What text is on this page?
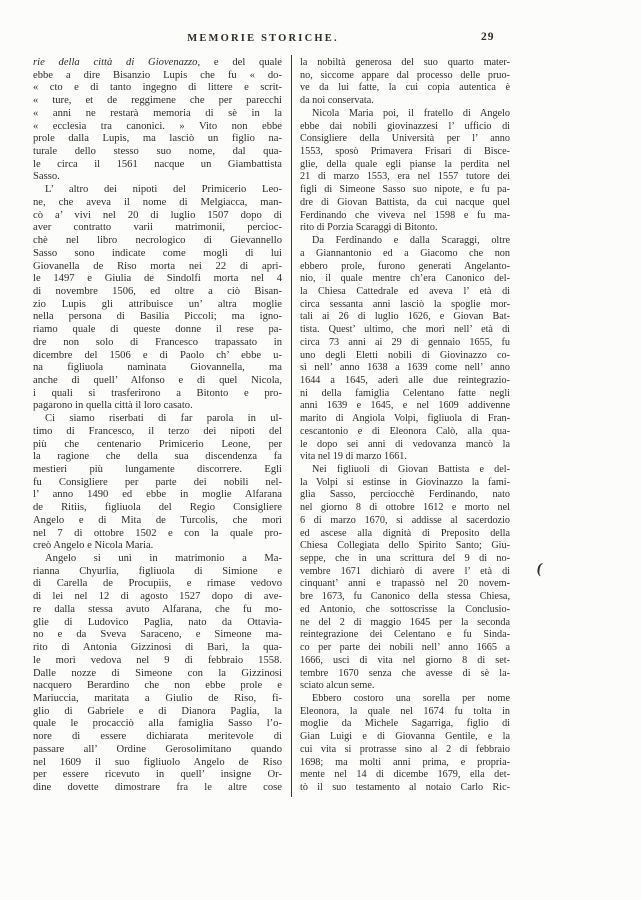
MEMORIE STORICHE.	29
rie della città di Giovenazzo, e del quale
ebbe a dire Bisanzio Lupis che fu « do-
« cto e di tanto ingegno di littere e scrit-
« ture, et de reggimene che per parecchi
« anni ne restarà memoria di sè in la
« ecclesia tra canonici. » Vito non ebbe
prole dalla Lupis, ma lasciò un figlio na-
turale dello stesso suo nome, dal qua-
le circa il 1561 nacque un Giambattista
Sasso.
L’ altro dei nipoti del Primicerio Leo-
ne, che aveva il nome di Melgiacca, man-
cò a’ vivi nel 20 di luglio 1507 dopo di
aver contratto varii matrimonii, percioc-
chè nel libro necrologico di Gievannello
Sasso sono indicate come mogli di lui
Giovanella de Riso morta nei 22 di apri-
le 1497 e Giulia de Sindolfi morta nel 4
di novembre 1506, ed oltre a ciò Bisan-
zio Lupis gli attribuisce un’ altra moglie
nella persona di Basilia Piccoli; ma igno-
riamo quale di queste donne il rese pa-
dre non solo di Francesco trapassato in
dicembre del 1506 e di Paolo ch’ ebbe u-
na figliuola naminata Giovannella, ma
anche di quell’ Alfonso e di quel Nicola,
i quali si trasferirono a Bitonto e pro-
pagarono in quella città il loro casato.
Ci siamo riserbati di far parola in ul-
timo di Francesco, il terzo dei nipoti del
più che centenario Primicerio Leone, per
la ragione che della sua discendenza fa
mestieri più lungamente discorrere. Egli
fu Consigliere per parte dei nobili nel-
l’ anno 1490 ed ebbe in moglie Alfarana
de Ritiis, figliuola del Regio Consigliere
Angelo e di Mita de Turcolis, che morì
nel 7 di ottobre 1502 e con la quale pro-
creò Angelo e Nicola Maria.
Angelo si unì in matrimonio a Ma-
rianna Chyurlia, figliuola di Simione e
di Carella de Procupiis, e rimase vedovo
di lei nel 12 di agosto 1527 dopo di ave-
re dalla stessa avuto Alfarana, che fu mo-
glie di Ludovico Paglia, nato da Ottavia-
no e da Sveva Saraceno, e Simeone ma-
rito di Antonia Gizzinosi di Bari, la qua-
le morì vedova nel 9 di febbraio 1558.
Dalle nozze di Simeone con la Gizzinosi
nacquero Berardino che non ebbe prole e
Mariuccia, maritata a Giulio de Riso, fi-
glio di Gabriele e di Dianora Paglia, la
quale le procacciò alla famiglia Sasso l’o-
nore di essere dichiarata meritevole di
passare all’ Ordine Gerosolimitano quando
nel 1609 il suo figliuolo Angelo de Riso
per essere ricevuto in quell’ insigne Or-
dine dovette dimostrare fra le altre cose
la nobiltà generosa del suo quarto mater-
no, siccome appare dal processo delle pruo-
ve da lui fatte, la cui copia autentica è
da noi conservata.
Nicola Maria poi, il fratello di Angelo
ebbe dai nobili giovinazzesi l’ ufficio di
Consigliere della Università per l’ anno
1553, sposò Primavera Frisari di Bisce-
glie, della quale egli pianse la perdita nel
21 di marzo 1553, era nel 1557 tutore dei
figli di Simeone Sasso suo nipote, e fu pa-
dre di Giovan Battista, da cui nacque quel
Ferdinando che viveva nel 1598 e fu ma-
rito di Porzia Scaraggi di Bitonto.
Da Ferdinando e dalla Scaraggi, oltre
a Giannantonio ed a Giacomo che non
ebbero prole, furono generati Angelanto-
nio, il quale mentre ch’era Canonico del-
la Chiesa Cattedrale ed aveva l’ età di
circa sessanta anni lasciò la spoglie mor-
tali ai 26 di luglio 1626, e Giovan Bat-
tista. Quest’ ultimo, che morì nell’ età di
circa 73 anni ai 29 di gennaio 1655, fu
uno degli Eletti nobili di Giovinazzo co-
sì nell’ anno 1638 a 1639 come nell’ anno
1644 a 1645, aderì alle due reintegrazio-
ni della famiglia Celentano fatte negli
anni 1639 e 1645, e nel 1609 addivenne
marito di Angiola Volpi, figliuola di Fran-
cescantonio e di Eleonora Calò, alla qua-
le dopo sei anni di vedovanza mancò la
vita nel 19 di marzo 1661.
Nei figliuoli di Giovan Battista e del-
la Volpi si estinse in Giovinazzo la fami-
glia Sasso, perciocchè Ferdinando, nato
nel giorno 8 di ottobre 1612 e morto nel
6 di marzo 1670, si addisse al sacerdozio
ed ascese alla dignità di Preposito della
Chiesa Collegiata dello Spirito Santo; Giu-
seppe, che in una scrittura del 9 di no-
vembre 1671 dichiarò di avere l’ età di
cinquant’ anni e trapassò nel 20 novem-
bre 1673, fu Canonico della stessa Chiesa,
ed Antonio, che sottoscrisse la Conclusio-
ne del 2 di maggio 1645 per la seconda
reintegrazione dei Celentano e fu Sinda-
co per parte dei nobili nell’ anno 1665 a
1666, usci di vita nel giorno 8 di set-
tembre 1670 senza che avesse di sè la-
sciato alcun seme.
Ebbero costoro una sorella per nome
Eleonora, la quale nel 1674 fu tolta in
moglie da Michele Sagarriga, figlio di
Gian Luigi e di Giovanna Gentile, e la
cui vita si protrasse sino al 2 di febbraio
1698; ma molti anni prima, e propria-
mente nel 14 di dicembe 1679, ella det-
tò il suo testamento al notaio Carlo Ric-
(
